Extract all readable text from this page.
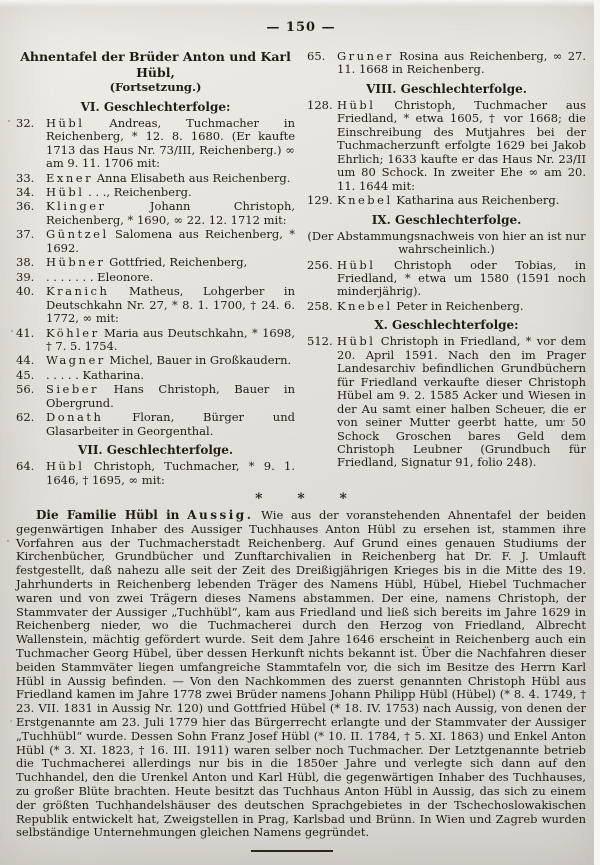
— 150 —
Ahnentafel der Brüder Anton und Karl Hübl,
(Fortsetzung.)
VI. Geschlechterfolge:
32.	Hübl Andreas, Tuchmacher in Reichenberg, * 12. 8. 1680. (Er kaufte 1713 das Haus Nr. 73/III, Reichenberg.) ∞ am 9. 11. 1706 mit:
33.	Exner Anna Elisabeth aus Reichenberg.
34.	Hübl . . ., Reichenberg.
36.	Klinger Johann Christoph, Reichenberg, * 1690, ∞ 22. 12. 1712 mit:
37.	Güntzel Salomena aus Reichenberg, * 1692.
38.	Hübner Gottfried, Reichenberg,
39.	. . . . . . . Eleonore.
40.	Kranich Matheus, Lohgerber in Deutschkahn Nr. 27, * 8. 1. 1700, † 24. 6. 1772, ∞ mit:
41.	Köhler Maria aus Deutschkahn, * 1698, † 7. 5. 1754.
44.	Wagner Michel, Bauer in Großkaudern.
45.	. . . . . Katharina.
56.	Sieber Hans Christoph, Bauer in Obergrund.
62.	Donath Floran, Bürger und Glasarbeiter in Georgenthal.
VII. Geschlechterfolge.
64.	Hübl Christoph, Tuchmacher, * 9. 1. 1646, † 1695, ∞ mit:
65.	Gruner Rosina aus Reichenberg, ∞ 27. 11. 1668 in Reichenberg.
VIII. Geschlechterfolge.
128. Hübl Christoph, Tuchmacher aus Friedland, * etwa 1605, † vor 1668; die Einschreibung des Mutjahres bei der Tuchmacherzunft erfolgte 1629 bei Jakob Ehrlich; 1633 kaufte er das Haus Nr. 23/II um 80 Schock. In zweiter Ehe ∞ am 20. 11. 1644 mit:
129. Knebel Katharina aus Reichenberg.
IX. Geschlechterfolge.
(Der Abstammungsnachweis von hier an ist nur wahrscheinlich.)
256. Hübl Christoph oder Tobias, in Friedland, * etwa um 1580 (1591 noch minderjährig).
258. Knebel Peter in Reichenberg.
X. Geschlechterfolge:
512. Hübl Christoph in Friedland, * vor dem 20. April 1591. Nach den im Prager Landesarchiv befindlichen Grundbüchern für Friedland verkaufte dieser Christoph Hübel am 9. 2. 1585 Acker und Wiesen in der Au samt einer halben Scheuer, die er von seiner Mutter geerbt hatte, um 50 Schock Groschen bares Geld dem Christoph Leubner (Grundbuch für Friedland, Signatur 91, folio 248).
* * *
Die Familie Hübl in Aussig. Wie aus der voranstehenden Ahnentafel der beiden gegenwärtigen Inhaber des Aussiger Tuchhauses Anton Hübl zu ersehen ist, stammen ihre Vorfahren aus der Tuchmacherstadt Reichenberg. Auf Grund eines genauen Studiums der Kirchenbücher, Grundbücher und Zunftarchivalien in Reichenberg hat Dr. F. J. Umlauft festgestellt, daß nahezu alle seit der Zeit des Dreißigjährigen Krieges bis in die Mitte des 19. Jahrhunderts in Reichenberg lebenden Träger des Namens Hübl, Hübel, Hiebel Tuchmacher waren und von zwei Trägern dieses Namens abstammen. Der eine, namens Christoph, der Stammvater der Aussiger „Tuchhübl“, kam aus Friedland und ließ sich bereits im Jahre 1629 in Reichenberg nieder, wo die Tuchmacherei durch den Herzog von Friedland, Albrecht Wallenstein, mächtig gefördert wurde. Seit dem Jahre 1646 erscheint in Reichenberg auch ein Tuchmacher Georg Hübel, über dessen Herkunft nichts bekannt ist. Über die Nachfahren dieser beiden Stammväter liegen umfangreiche Stammtafeln vor, die sich im Besitze des Herrn Karl Hübl in Aussig befinden. — Von den Nachkommen des zuerst genannten Christoph Hübl aus Friedland kamen im Jahre 1778 zwei Brüder namens Johann Philipp Hübl (Hübel) (* 8. 4. 1749, † 23. VII. 1831 in Aussig Nr. 120) und Gottfried Hübel (* 18. IV. 1753) nach Aussig, von denen der Erstgenannte am 23. Juli 1779 hier das Bürgerrecht erlangte und der Stammvater der Aussiger „Tuchhübl“ wurde. Dessen Sohn Franz Josef Hübl (* 10. II. 1784, † 5. XI. 1863) und Enkel Anton Hübl (* 3. XI. 1823, † 16. III. 1911) waren selber noch Tuchmacher. Der Letztgenannte betrieb die Tuchmacherei allerdings nur bis in die 1850er Jahre und verlegte sich dann auf den Tuchhandel, den die Urenkel Anton und Karl Hübl, die gegenwärtigen Inhaber des Tuchhauses, zu großer Blüte brachten. Heute besitzt das Tuchhaus Anton Hübl in Aussig, das sich zu einem der größten Tuchhandelshäuser des deutschen Sprachgebietes in der Tschechoslowakischen Republik entwickelt hat, Zweigstellen in Prag, Karlsbad und Brünn. In Wien und Zagreb wurden selbständige Unternehmungen gleichen Namens gegründet.
